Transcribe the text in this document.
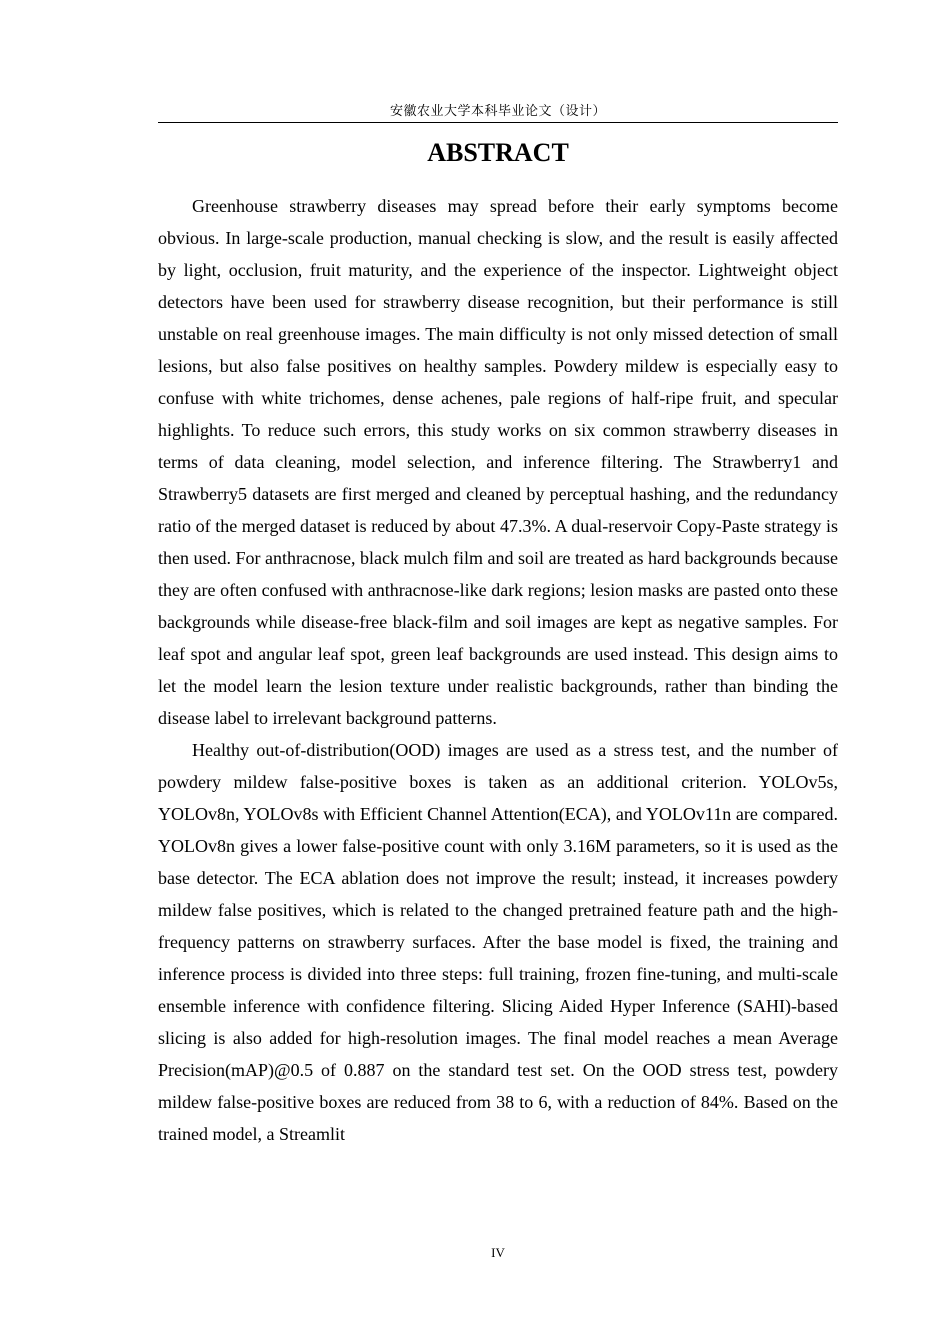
安徽农业大学本科毕业论文（设计）
ABSTRACT

Greenhouse strawberry diseases may spread before their early symptoms become obvious. In large-scale production, manual checking is slow, and the result is easily affected by light, occlusion, fruit maturity, and the experience of the inspector. Lightweight object detectors have been used for strawberry disease recognition, but their performance is still unstable on real greenhouse images. The main difficulty is not only missed detection of small lesions, but also false positives on healthy samples. Powdery mildew is especially easy to confuse with white trichomes, dense achenes, pale regions of half-ripe fruit, and specular highlights. To reduce such errors, this study works on six common strawberry diseases in terms of data cleaning, model selection, and inference filtering. The Strawberry1 and Strawberry5 datasets are first merged and cleaned by perceptual hashing, and the redundancy ratio of the merged dataset is reduced by about 47.3%. A dual-reservoir Copy-Paste strategy is then used. For anthracnose, black mulch film and soil are treated as hard backgrounds because they are often confused with anthracnose-like dark regions; lesion masks are pasted onto these backgrounds while disease-free black-film and soil images are kept as negative samples. For leaf spot and angular leaf spot, green leaf backgrounds are used instead. This design aims to let the model learn the lesion texture under realistic backgrounds, rather than binding the disease label to irrelevant background patterns.

Healthy out-of-distribution(OOD) images are used as a stress test, and the number of powdery mildew false-positive boxes is taken as an additional criterion. YOLOv5s, YOLOv8n, YOLOv8s with Efficient Channel Attention(ECA), and YOLOv11n are compared. YOLOv8n gives a lower false-positive count with only 3.16M parameters, so it is used as the base detector. The ECA ablation does not improve the result; instead, it increases powdery mildew false positives, which is related to the changed pretrained feature path and the high-frequency patterns on strawberry surfaces. After the base model is fixed, the training and inference process is divided into three steps: full training, frozen fine-tuning, and multi-scale ensemble inference with confidence filtering. Slicing Aided Hyper Inference (SAHI)-based slicing is also added for high-resolution images. The final model reaches a mean Average Precision(mAP)@0.5 of 0.887 on the standard test set. On the OOD stress test, powdery mildew false-positive boxes are reduced from 38 to 6, with a reduction of 84%. Based on the trained model, a Streamlit

IV
